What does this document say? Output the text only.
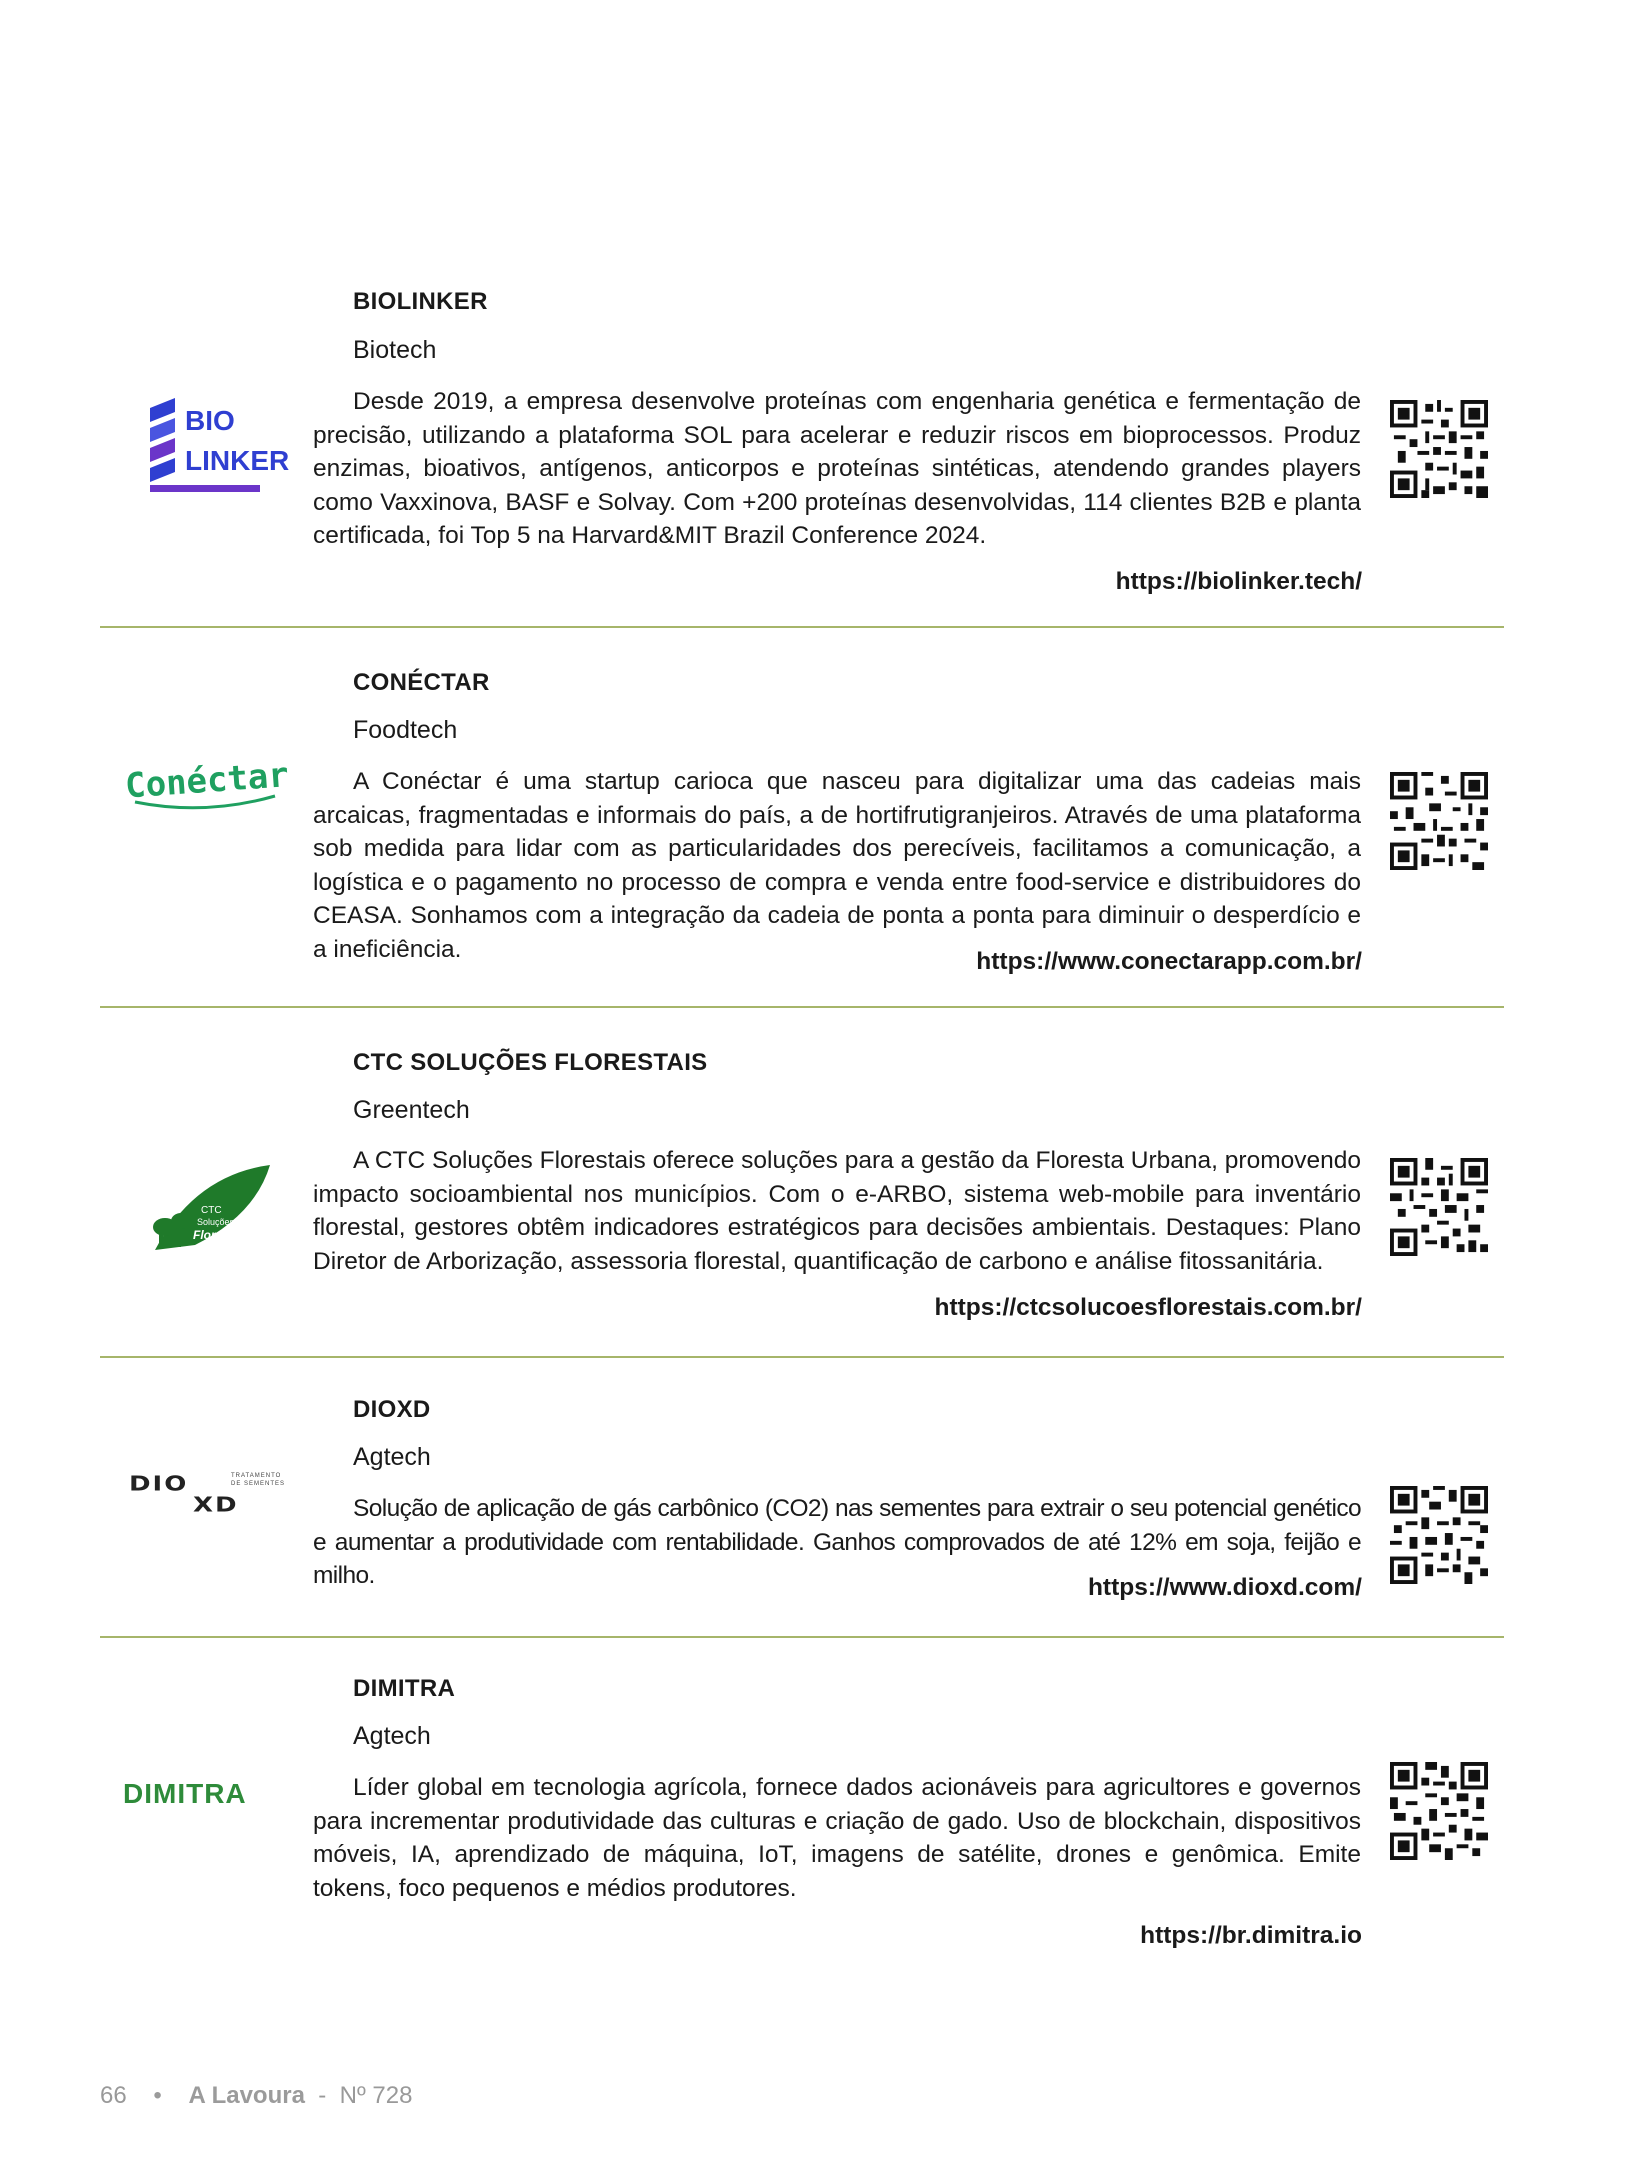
BIO
LINKER
BIOLINKER
Biotech

Desde 2019, a empresa desenvolve proteínas com engenharia genética e fermentação de precisão, utilizando a plataforma SOL para acelerar e reduzir riscos em bioprocessos. Produz enzimas, bioativos, antígenos, anticorpos e proteínas sintéticas, atendendo grandes players como Vaxxinova, BASF e Solvay. Com +200 proteínas desenvolvidas, 114 clientes B2B e planta certificada, foi Top 5 na Harvard&MIT Brazil Conference 2024.

https://biolinker.tech/
Conéctar
CONÉCTAR
Foodtech

A Conéctar é uma startup carioca que nasceu para digitalizar uma das cadeias mais arcaicas, fragmentadas e informais do país, a de hortifrutigranjeiros. Através de uma plataforma sob medida para lidar com as particularidades dos perecíveis, facilitamos a comunicação, a logística e o pagamento no processo de compra e venda entre food-service e distribuidores do CEASA. Sonhamos com a integração da cadeia de ponta a ponta para diminuir o desperdício e a ineficiência.	https://www.conectarapp.com.br/
CTC
Soluções
Florestais
CTC SOLUÇÕES FLORESTAIS
Greentech

A CTC Soluções Florestais oferece soluções para a gestão da Floresta Urbana, promovendo impacto socioambiental nos municípios. Com o e-ARBO, sistema web-mobile para inventário florestal, gestores obtêm indicadores estratégicos para decisões ambientais. Destaques: Plano Diretor de Arborização, assessoria florestal, quantificação de carbono e análise fitossanitária.

https://ctcsolucoesflorestais.com.br/
DIO
XD
TRATAMENTO
DE SEMENTES
DIOXD
Agtech

Solução de aplicação de gás carbônico (CO2) nas sementes para extrair o seu potencial genético e aumentar a produtividade com rentabilidade. Ganhos comprovados de até 12% em soja, feijão e milho.	https://www.dioxd.com/
DIMITRA
DIMITRA
Agtech

Líder global em tecnologia agrícola, fornece dados acionáveis para agricultores e governos para incrementar produtividade das culturas e criação de gado. Uso de blockchain, dispositivos móveis, IA, aprendizado de máquina, IoT, imagens de satélite, drones e genômica. Emite tokens, foco pequenos e médios produtores.

https://br.dimitra.io
66 • A Lavoura - Nº 728
